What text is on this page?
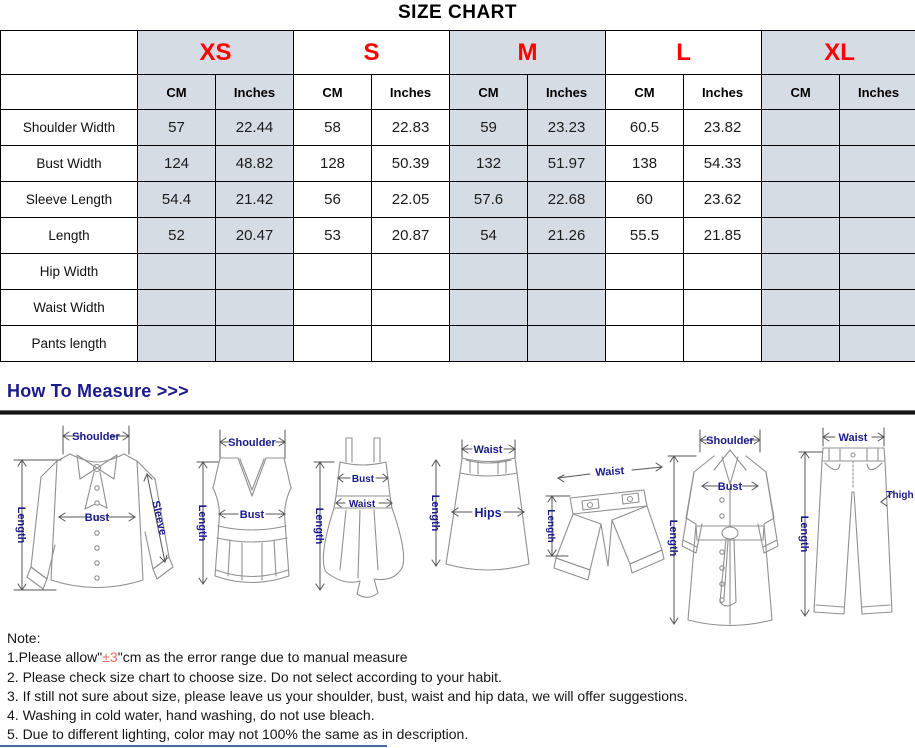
SIZE CHART
	XS		S		M		L		XL	
	CM	Inches	CM	Inches	CM	Inches	CM	Inches	CM	Inches
Shoulder Width	57	22.44	58	22.83	59	23.23	60.5	23.82		
Bust Width	124	48.82	128	50.39	132	51.97	138	54.33		
Sleeve Length	54.4	21.42	56	22.05	57.6	22.68	60	23.62		
Length	52	20.47	53	20.87	54	21.26	55.5	21.85		
Hip Width										
Waist Width										
Pants length										
How To Measure >>>
Shoulder
Length	Bust	Sleeve
Shoulder
Length	Bust
Bust
Waist
Length
Waist
Hips
Length
Waist
Length
Shoulder
Bust
Length
Waist
Thigh
Length
Note:
1.Please allow"±3"cm as the error range due to manual measure
2. Please check size chart to choose size. Do not select according to your habit.
3. If still not sure about size, please leave us your shoulder, bust, waist and hip data, we will offer suggestions.
4. Washing in cold water, hand washing, do not use bleach.
5. Due to different lighting, color may not 100% the same as in description.
